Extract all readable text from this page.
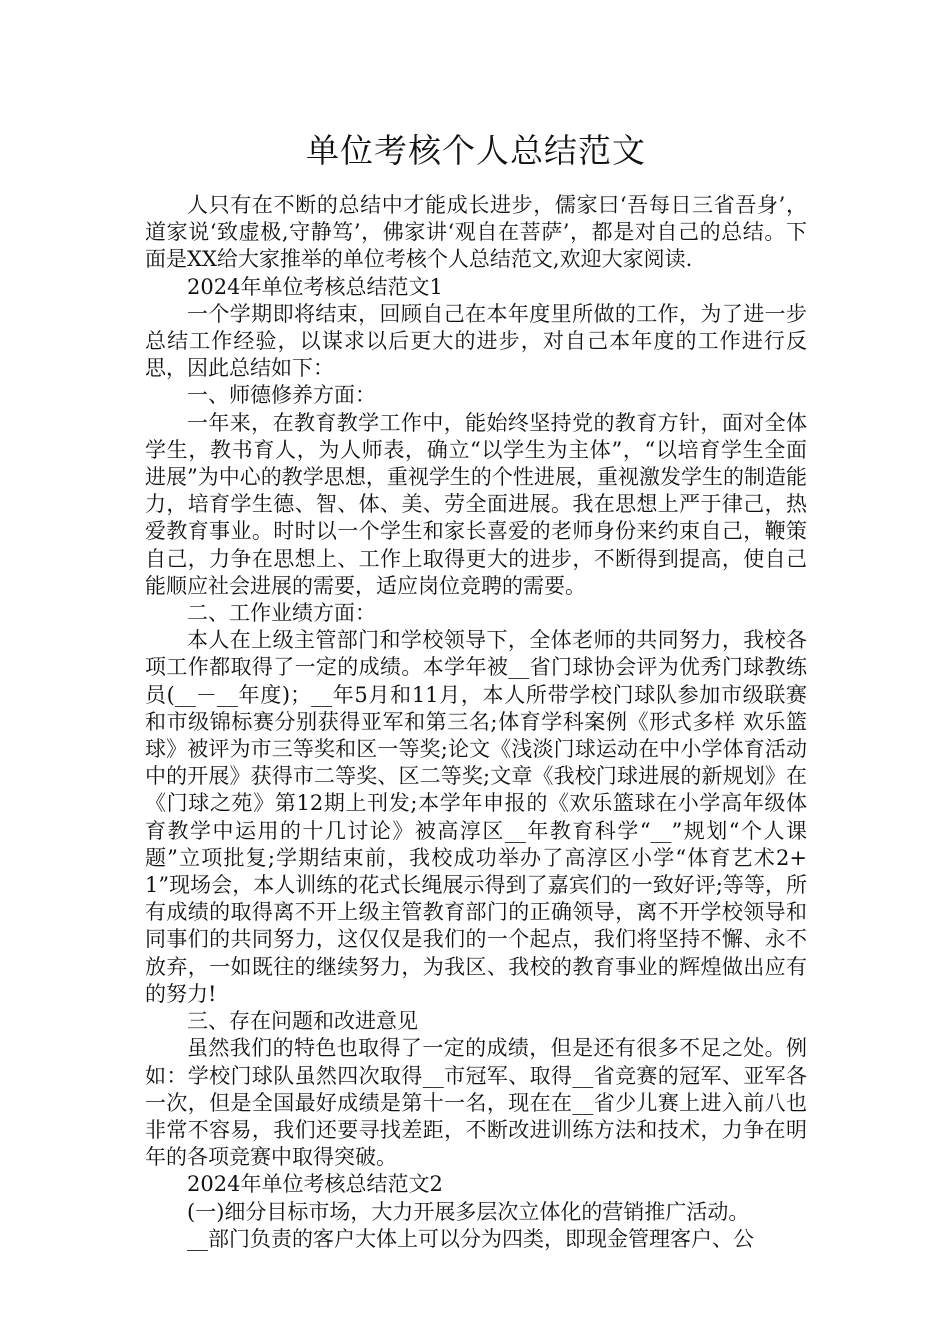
单位考核个人总结范文

人只有在不断的总结中才能成长进步，儒家曰‘吾每日三省吾身’，道家说‘致虚极,守静笃’，佛家讲‘观自在菩萨’，都是对自己的总结。下面是XX给大家推举的单位考核个人总结范文,欢迎大家阅读.

2024年单位考核总结范文1

一个学期即将结束，回顾自己在本年度里所做的工作，为了进一步总结工作经验，以谋求以后更大的进步，对自己本年度的工作进行反思，因此总结如下：

一、师德修养方面：

一年来，在教育教学工作中，能始终坚持党的教育方针，面对全体学生，教书育人，为人师表，确立“以学生为主体”，“以培育学生全面进展”为中心的教学思想，重视学生的个性进展，重视激发学生的制造能力，培育学生德、智、体、美、劳全面进展。我在思想上严于律己，热爱教育事业。时时以一个学生和家长喜爱的老师身份来约束自己，鞭策自己，力争在思想上、工作上取得更大的进步，不断得到提高，使自己能顺应社会进展的需要，适应岗位竞聘的需要。

二、工作业绩方面：

本人在上级主管部门和学校领导下，全体老师的共同努力，我校各项工作都取得了一定的成绩。本学年被__省门球协会评为优秀门球教练员(__－__年度)；__年5月和11月，本人所带学校门球队参加市级联赛和市级锦标赛分别获得亚军和第三名;体育学科案例《形式多样 欢乐篮球》被评为市三等奖和区一等奖;论文《浅淡门球运动在中小学体育活动中的开展》获得市二等奖、区二等奖;文章《我校门球进展的新规划》在《门球之苑》第12期上刊发;本学年申报的《欢乐篮球在小学高年级体育教学中运用的十几讨论》被高淳区__年教育科学“__”规划“个人课题”立项批复;学期结束前，我校成功举办了高淳区小学“体育艺术2+1”现场会，本人训练的花式长绳展示得到了嘉宾们的一致好评;等等，所有成绩的取得离不开上级主管教育部门的正确领导，离不开学校领导和同事们的共同努力，这仅仅是我们的一个起点，我们将坚持不懈、永不放弃，一如既往的继续努力，为我区、我校的教育事业的辉煌做出应有的努力!

三、存在问题和改进意见

虽然我们的特色也取得了一定的成绩，但是还有很多不足之处。例如：学校门球队虽然四次取得__市冠军、取得__省竞赛的冠军、亚军各一次，但是全国最好成绩是第十一名，现在在__省少儿赛上进入前八也非常不容易，我们还要寻找差距，不断改进训练方法和技术，力争在明年的各项竞赛中取得突破。

2024年单位考核总结范文2

(一)细分目标市场，大力开展多层次立体化的营销推广活动。

__部门负责的客户大体上可以分为四类，即现金管理客户、公
